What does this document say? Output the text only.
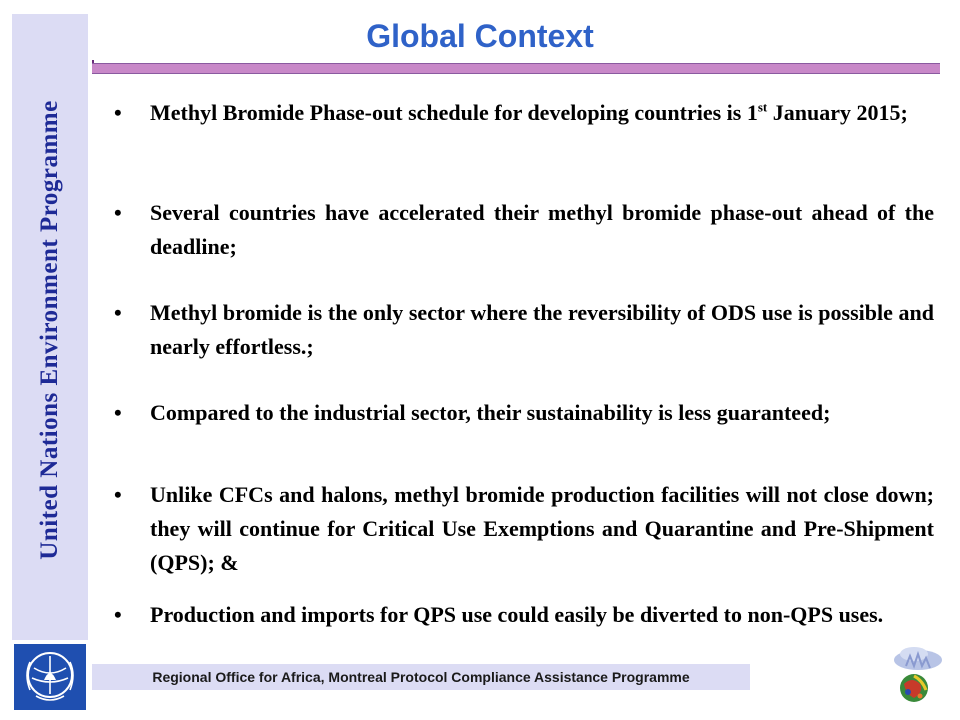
United Nations Environment Programme
Global Context
•	Methyl Bromide Phase-out schedule for developing countries is 1st January 2015;
•	Several countries have accelerated their methyl bromide phase-out ahead of the deadline;
•	Methyl bromide is the only sector where the reversibility of ODS use is possible and nearly effortless.;
•	Compared to the industrial sector, their sustainability is less guaranteed;
•	Unlike CFCs and halons, methyl bromide production facilities will not close down; they will continue for Critical Use Exemptions and Quarantine and Pre-Shipment (QPS); &
•	Production and imports for QPS use could easily be diverted to non-QPS uses.
Regional Office for Africa, Montreal Protocol Compliance Assistance Programme
